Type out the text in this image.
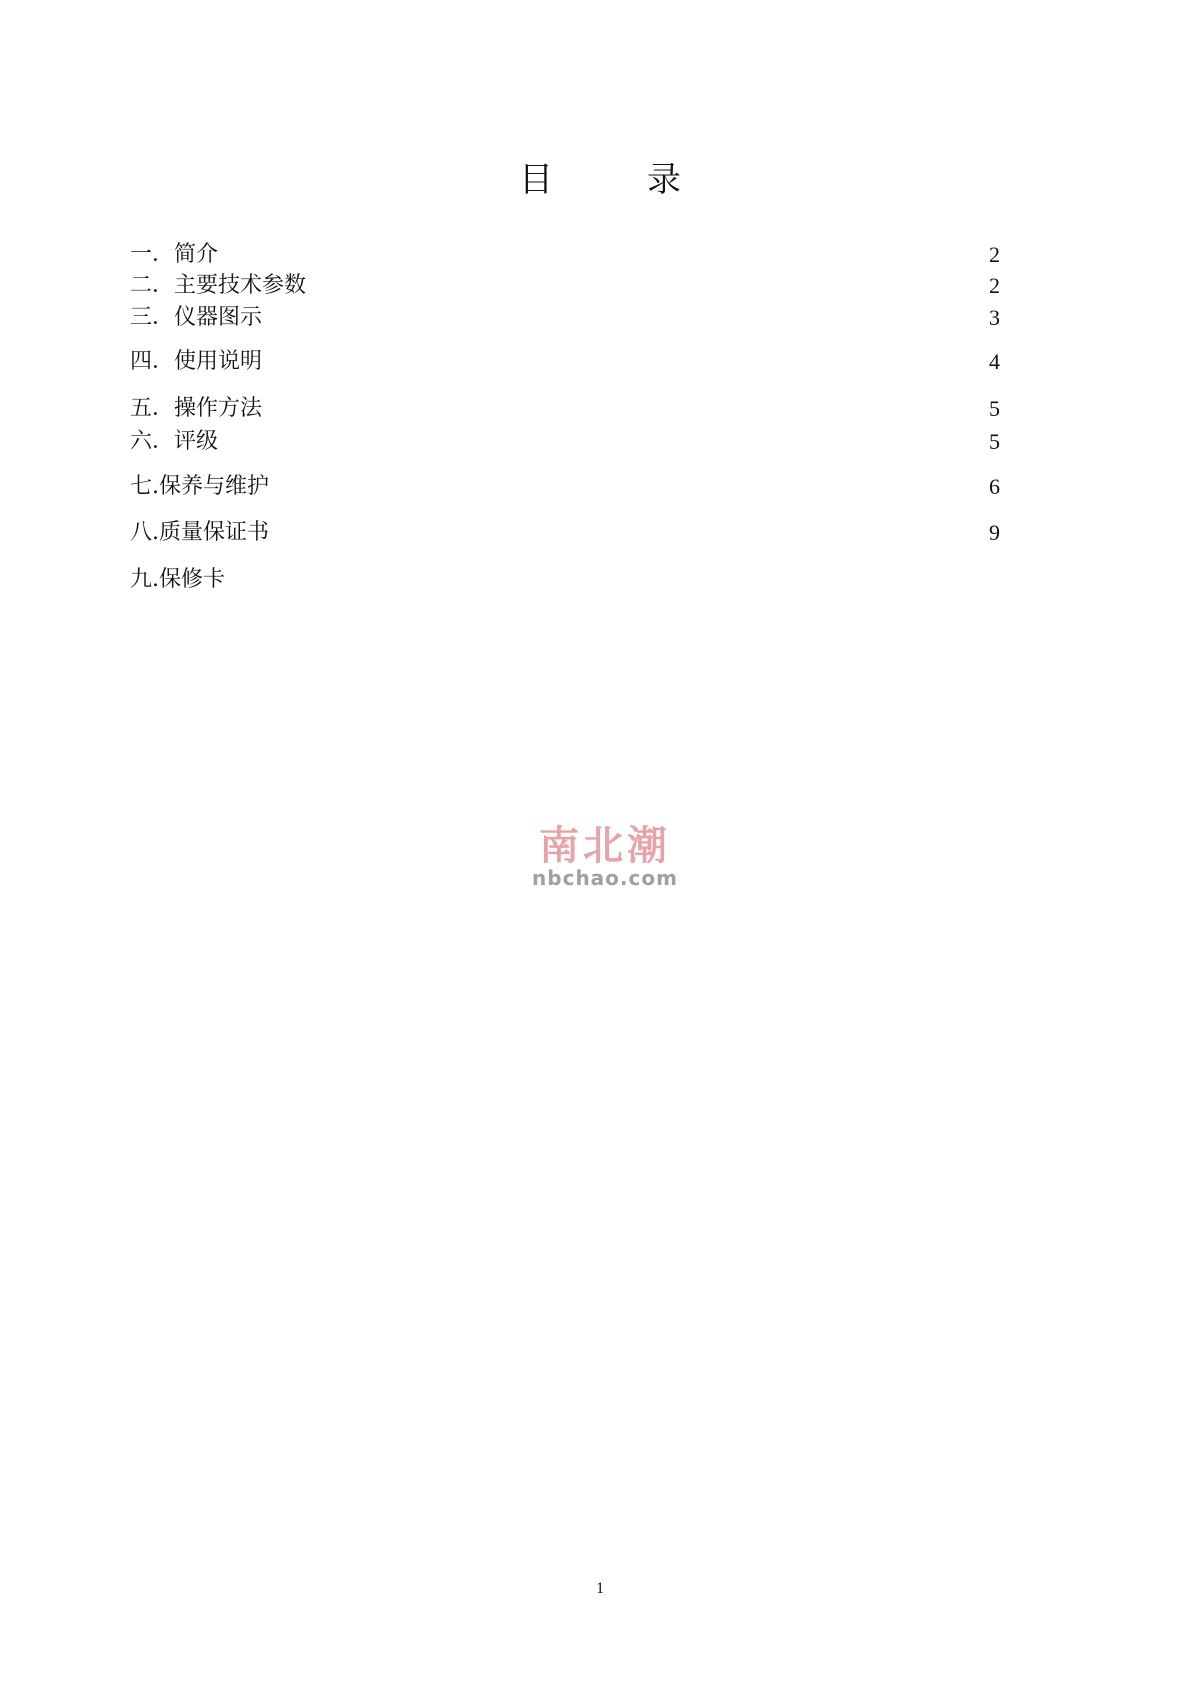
目　录
一．简介	2
二．主要技术参数	2
三．仪器图示	3
四．使用说明	4
五．操作方法	5
六．评级	5
七.保养与维护	6
八.质量保证书	9
九.保修卡
南北潮
nbchao.com
1
